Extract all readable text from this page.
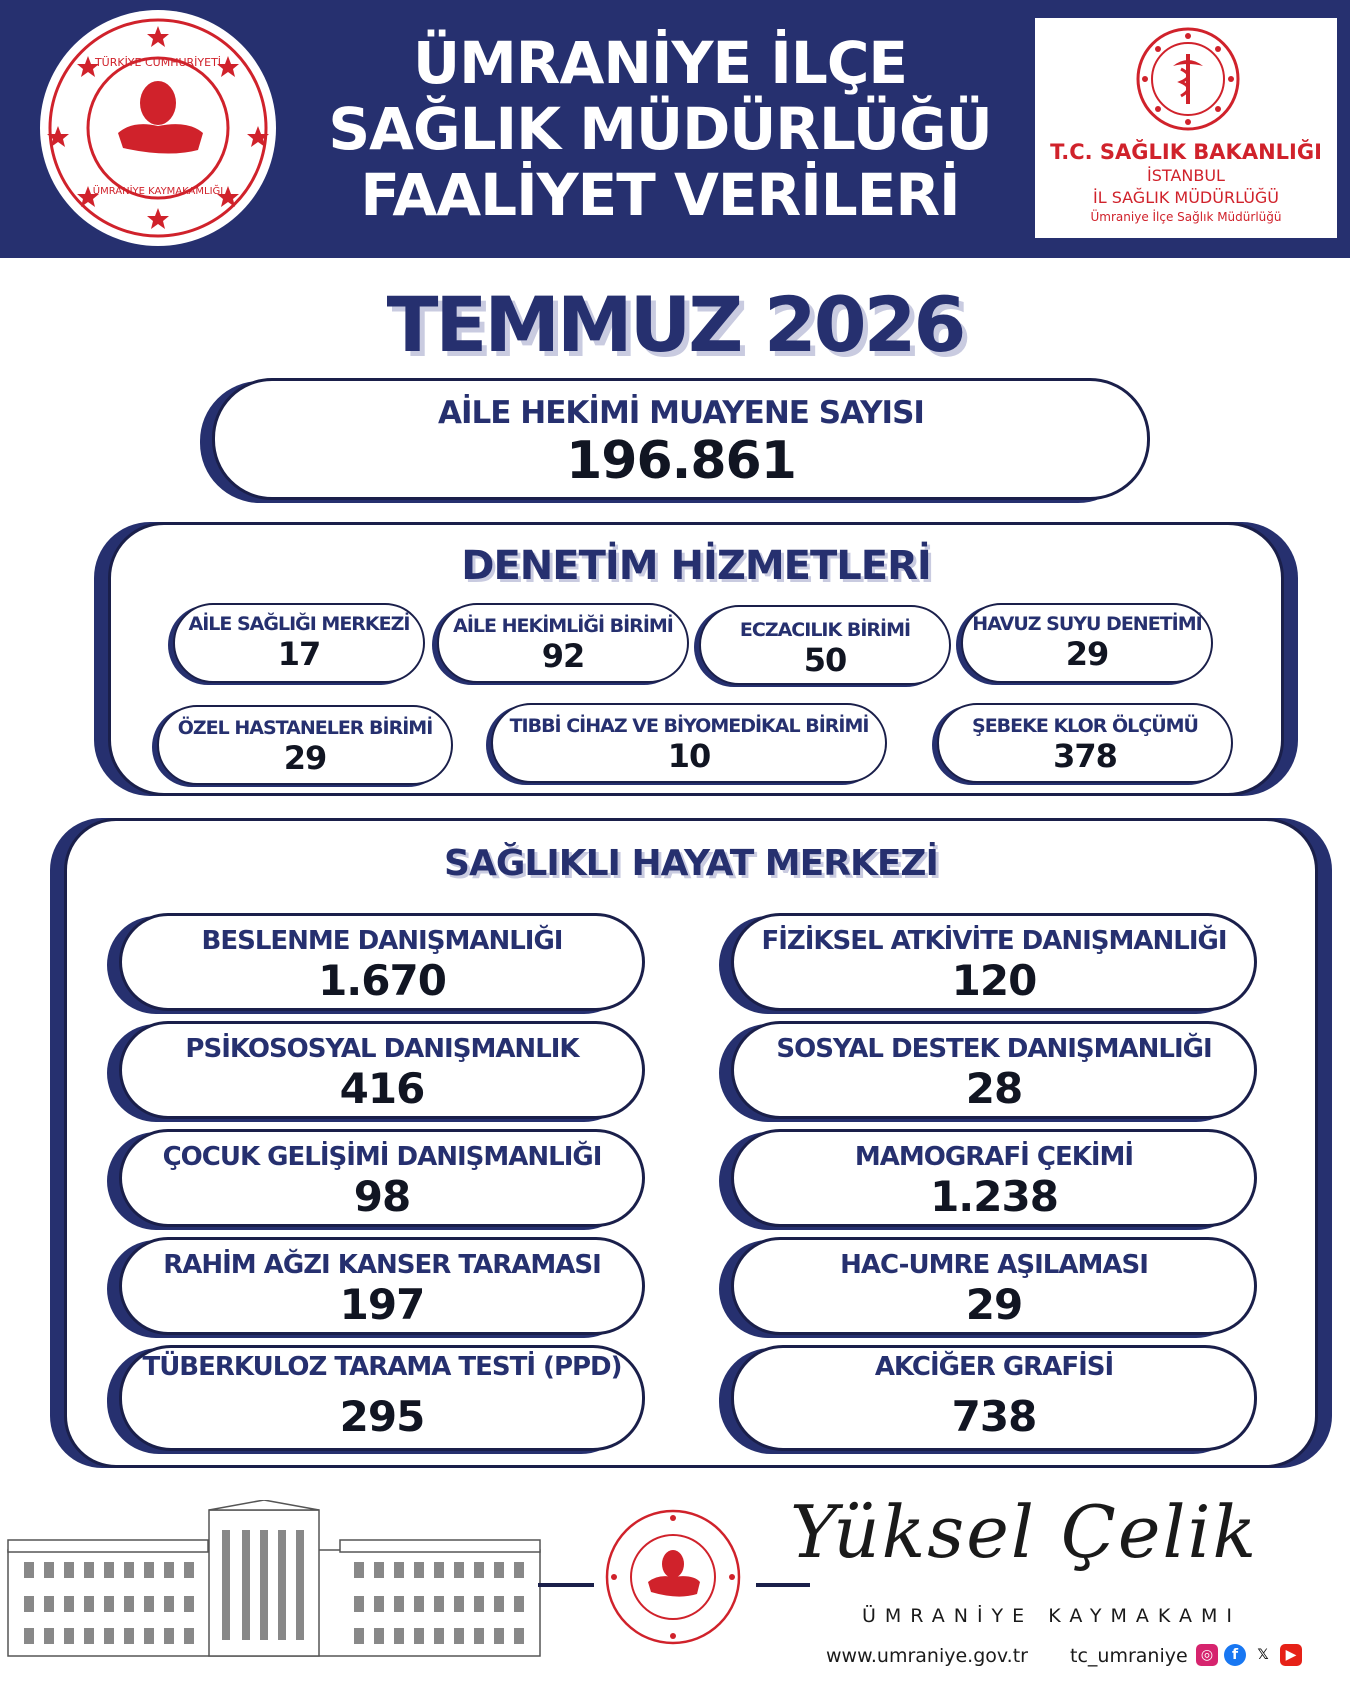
TÜRKİYE CUMHURİYETİ
ÜMRANİYE KAYMAKAMLIĞI
ÜMRANİYE İLÇE
SAĞLIK MÜDÜRLÜĞÜ
FAALİYET VERİLERİ
T.C. SAĞLIK BAKANLIĞI
İSTANBUL
İL SAĞLIK MÜDÜRLÜĞÜ
Ümraniye İlçe Sağlık Müdürlüğü
TEMMUZ 2026
AİLE HEKİMİ MUAYENE SAYISI
196.861
DENETİM HİZMETLERİ
AİLE SAĞLIĞI MERKEZİ
17
AİLE HEKİMLİĞİ BİRİMİ
92
ECZACILIK BİRİMİ
50
HAVUZ SUYU DENETİMİ
29
ÖZEL HASTANELER BİRİMİ
29
TIBBİ CİHAZ VE BİYOMEDİKAL BİRİMİ
10
ŞEBEKE KLOR ÖLÇÜMÜ
378
SAĞLIKLI HAYAT MERKEZİ
BESLENME DANIŞMANLIĞI
1.670
FİZİKSEL ATKİVİTE DANIŞMANLIĞI
120
PSİKOSOSYAL DANIŞMANLIK
416
SOSYAL DESTEK DANIŞMANLIĞI
28
ÇOCUK GELİŞİMİ DANIŞMANLIĞI
98
MAMOGRAFİ ÇEKİMİ
1.238
RAHİM AĞZI KANSER TARAMASI
197
HAC-UMRE AŞILAMASI
29
TÜBERKULOZ TARAMA TESTİ (PPD)
295
AKCİĞER GRAFİSİ
738
Yüksel Çelik
ÜMRANİYE KAYMAKAMI
www.umraniye.gov.tr tc_umraniye ◎	f	𝕏	▶
